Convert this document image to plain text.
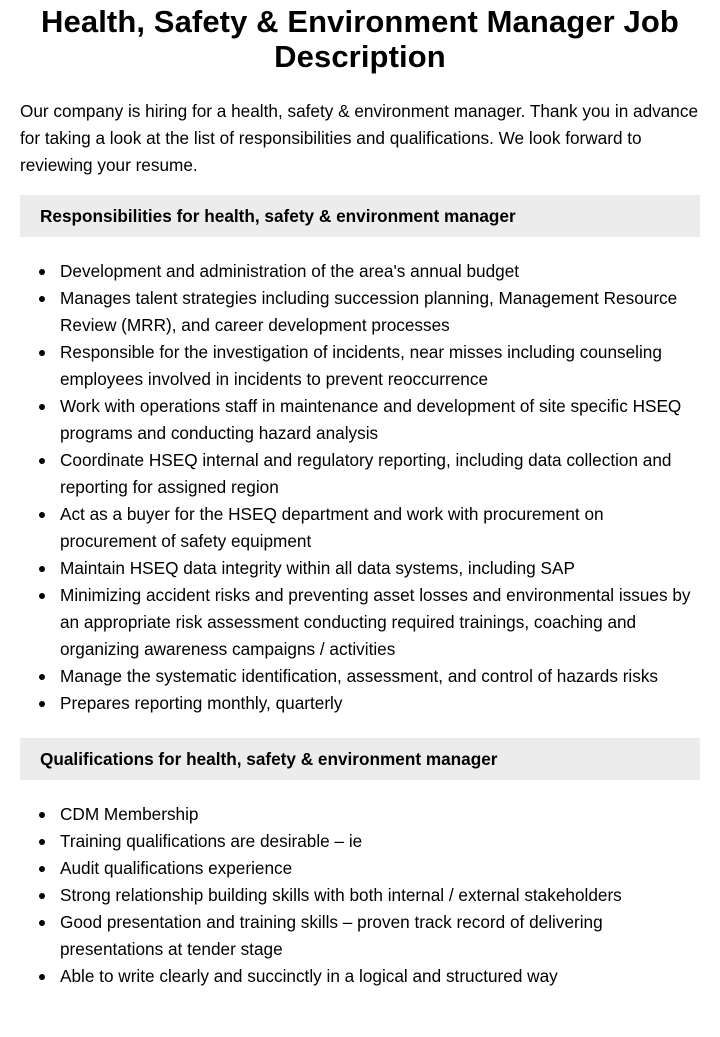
Health, Safety & Environment Manager Job Description

Our company is hiring for a health, safety & environment manager. Thank you in advance for taking a look at the list of responsibilities and qualifications. We look forward to reviewing your resume.

Responsibilities for health, safety & environment manager
Development and administration of the area's annual budget
Manages talent strategies including succession planning, Management Resource Review (MRR), and career development processes
Responsible for the investigation of incidents, near misses including counseling employees involved in incidents to prevent reoccurrence
Work with operations staff in maintenance and development of site specific HSEQ programs and conducting hazard analysis
Coordinate HSEQ internal and regulatory reporting, including data collection and reporting for assigned region
Act as a buyer for the HSEQ department and work with procurement on procurement of safety equipment
Maintain HSEQ data integrity within all data systems, including SAP
Minimizing accident risks and preventing asset losses and environmental issues by an appropriate risk assessment conducting required trainings, coaching and organizing awareness campaigns / activities
Manage the systematic identification, assessment, and control of hazards risks
Prepares reporting monthly, quarterly
Qualifications for health, safety & environment manager
CDM Membership
Training qualifications are desirable – ie
Audit qualifications experience
Strong relationship building skills with both internal / external stakeholders
Good presentation and training skills – proven track record of delivering presentations at tender stage
Able to write clearly and succinctly in a logical and structured way
